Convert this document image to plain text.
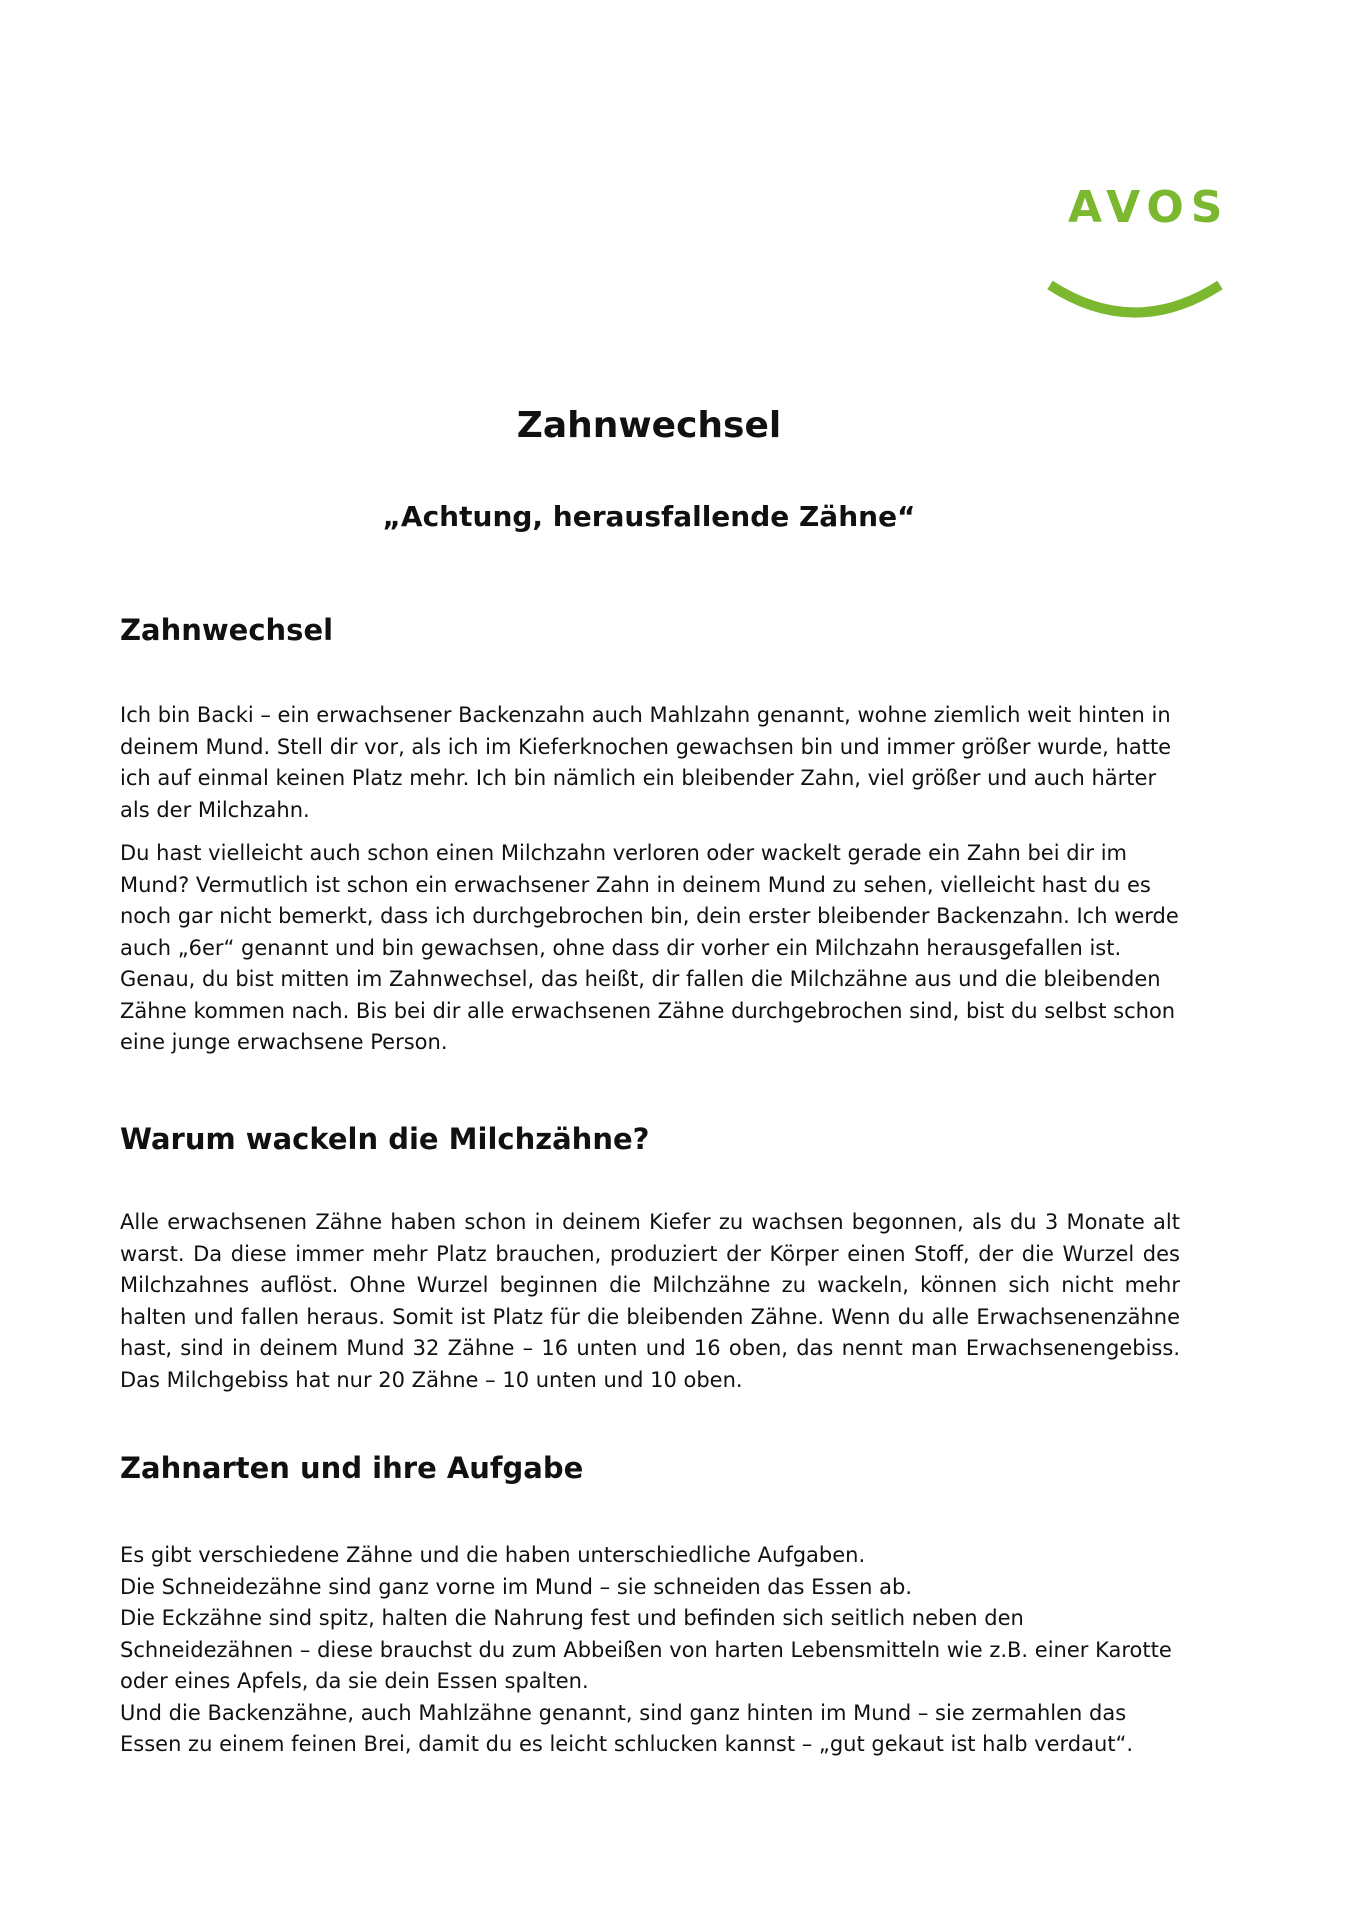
AVOS
Zahnwechsel
„Achtung, herausfallende Zähne“
Zahnwechsel

Ich bin Backi – ein erwachsener Backenzahn auch Mahlzahn genannt, wohne ziemlich weit hinten in deinem Mund. Stell dir vor, als ich im Kieferknochen gewachsen bin und immer größer wurde, hatte ich auf einmal keinen Platz mehr. Ich bin nämlich ein bleibender Zahn, viel größer und auch härter als der Milchzahn.

Du hast vielleicht auch schon einen Milchzahn verloren oder wackelt gerade ein Zahn bei dir im Mund? Vermutlich ist schon ein erwachsener Zahn in deinem Mund zu sehen, vielleicht hast du es noch gar nicht bemerkt, dass ich durchgebrochen bin, dein erster bleibender Backenzahn. Ich werde auch „6er“ genannt und bin gewachsen, ohne dass dir vorher ein Milchzahn herausgefallen ist.

Genau, du bist mitten im Zahnwechsel, das heißt, dir fallen die Milchzähne aus und die bleibenden Zähne kommen nach. Bis bei dir alle erwachsenen Zähne durchgebrochen sind, bist du selbst schon eine junge erwachsene Person.

Warum wackeln die Milchzähne?

Alle erwachsenen Zähne haben schon in deinem Kiefer zu wachsen begonnen, als du 3 Monate alt warst. Da diese immer mehr Platz brauchen, produziert der Körper einen Stoff, der die Wurzel des Milchzahnes auflöst. Ohne Wurzel beginnen die Milchzähne zu wackeln, können sich nicht mehr halten und fallen heraus. Somit ist Platz für die bleibenden Zähne. Wenn du alle Erwachsenenzähne hast, sind in deinem Mund 32 Zähne – 16 unten und 16 oben, das nennt man Erwachsenengebiss. Das Milchgebiss hat nur 20 Zähne – 10 unten und 10 oben.

Zahnarten und ihre Aufgabe

Es gibt verschiedene Zähne und die haben unterschiedliche Aufgaben.

Die Schneidezähne sind ganz vorne im Mund – sie schneiden das Essen ab.

Die Eckzähne sind spitz, halten die Nahrung fest und befinden sich seitlich neben den Schneidezähnen – diese brauchst du zum Abbeißen von harten Lebensmitteln wie z.B. einer Karotte oder eines Apfels, da sie dein Essen spalten.

Und die Backenzähne, auch Mahlzähne genannt, sind ganz hinten im Mund – sie zermahlen das Essen zu einem feinen Brei, damit du es leicht schlucken kannst – „gut gekaut ist halb verdaut“.
